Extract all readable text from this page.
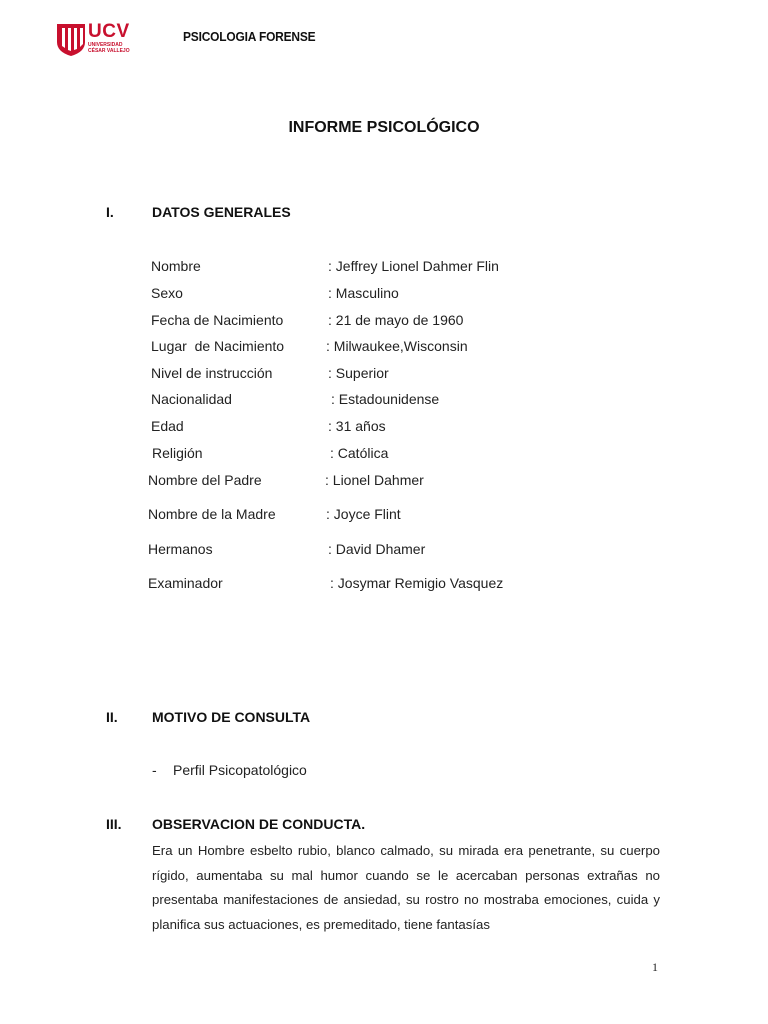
UCV
UNIVERSIDAD
CÉSAR VALLEJO
PSICOLOGIA FORENSE
INFORME PSICOLÓGICO
I.	DATOS GENERALES
Nombre	: Jeffrey Lionel Dahmer Flin
Sexo	: Masculino
Fecha de Nacimiento	: 21 de mayo de 1960
Lugar  de Nacimiento	: Milwaukee,Wisconsin
Nivel de instrucción	: Superior
Nacionalidad	: Estadounidense
Edad	: 31 años
Religión	: Católica
Nombre del Padre	: Lionel Dahmer
Nombre de la Madre	: Joyce Flint
Hermanos	: David Dhamer
Examinador	: Josymar Remigio Vasquez
II. MOTIVO DE CONSULTA
- Perfil Psicopatológico
III. OBSERVACION DE CONDUCTA.
Era un Hombre esbelto rubio, blanco calmado, su mirada era penetrante, su cuerpo rígido, aumentaba su mal humor cuando se le acercaban personas extrañas no presentaba manifestaciones de ansiedad, su rostro no mostraba emociones, cuida y planifica sus actuaciones, es premeditado, tiene fantasías
1
